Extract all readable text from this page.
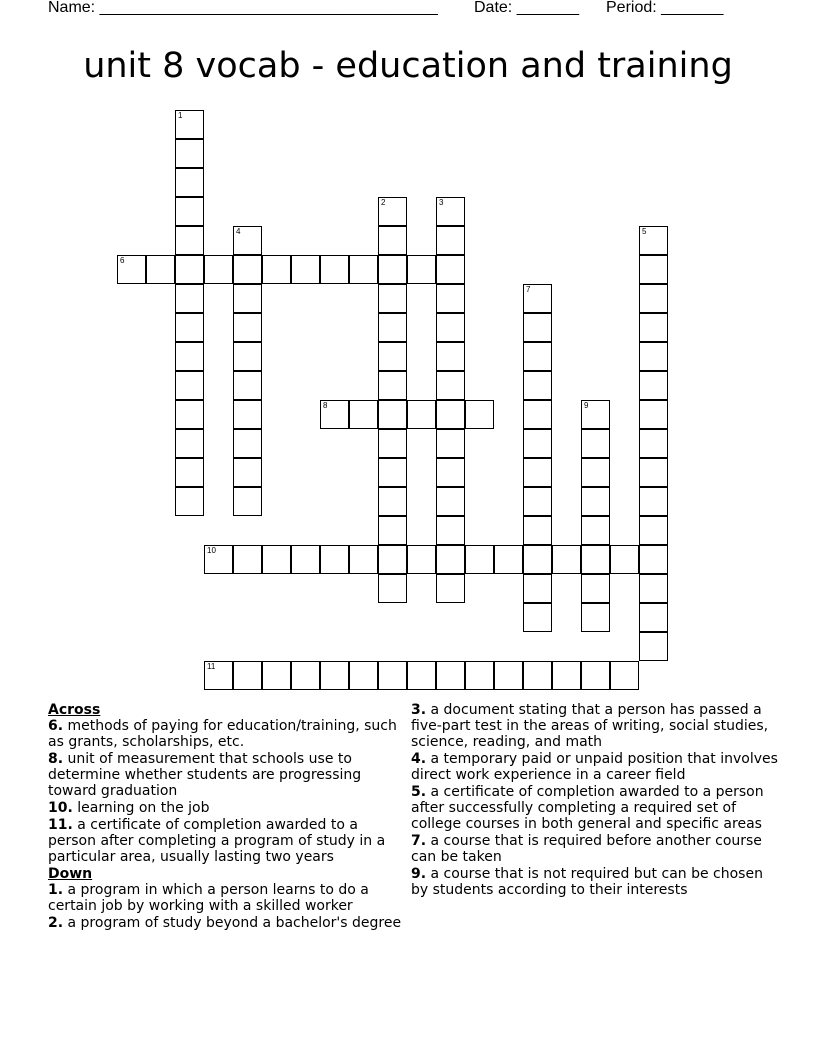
Name: ______________________________________ Date: _______ Period: _______
unit 8 vocab - education and training
1
2	3
4	5
6
7
8	9
10
11
Across
6. methods of paying for education/training, such as grants, scholarships, etc.
8. unit of measurement that schools use to determine whether students are progressing toward graduation
10. learning on the job
11. a certificate of completion awarded to a person after completing a program of study in a particular area, usually lasting two years
Down
1. a program in which a person learns to do a certain job by working with a skilled worker
2. a program of study beyond a bachelor's degree
3. a document stating that a person has passed a five-part test in the areas of writing, social studies, science, reading, and math
4. a temporary paid or unpaid position that involves direct work experience in a career field
5. a certificate of completion awarded to a person after successfully completing a required set of college courses in both general and specific areas
7. a course that is required before another course can be taken
9. a course that is not required but can be chosen by students according to their interests
